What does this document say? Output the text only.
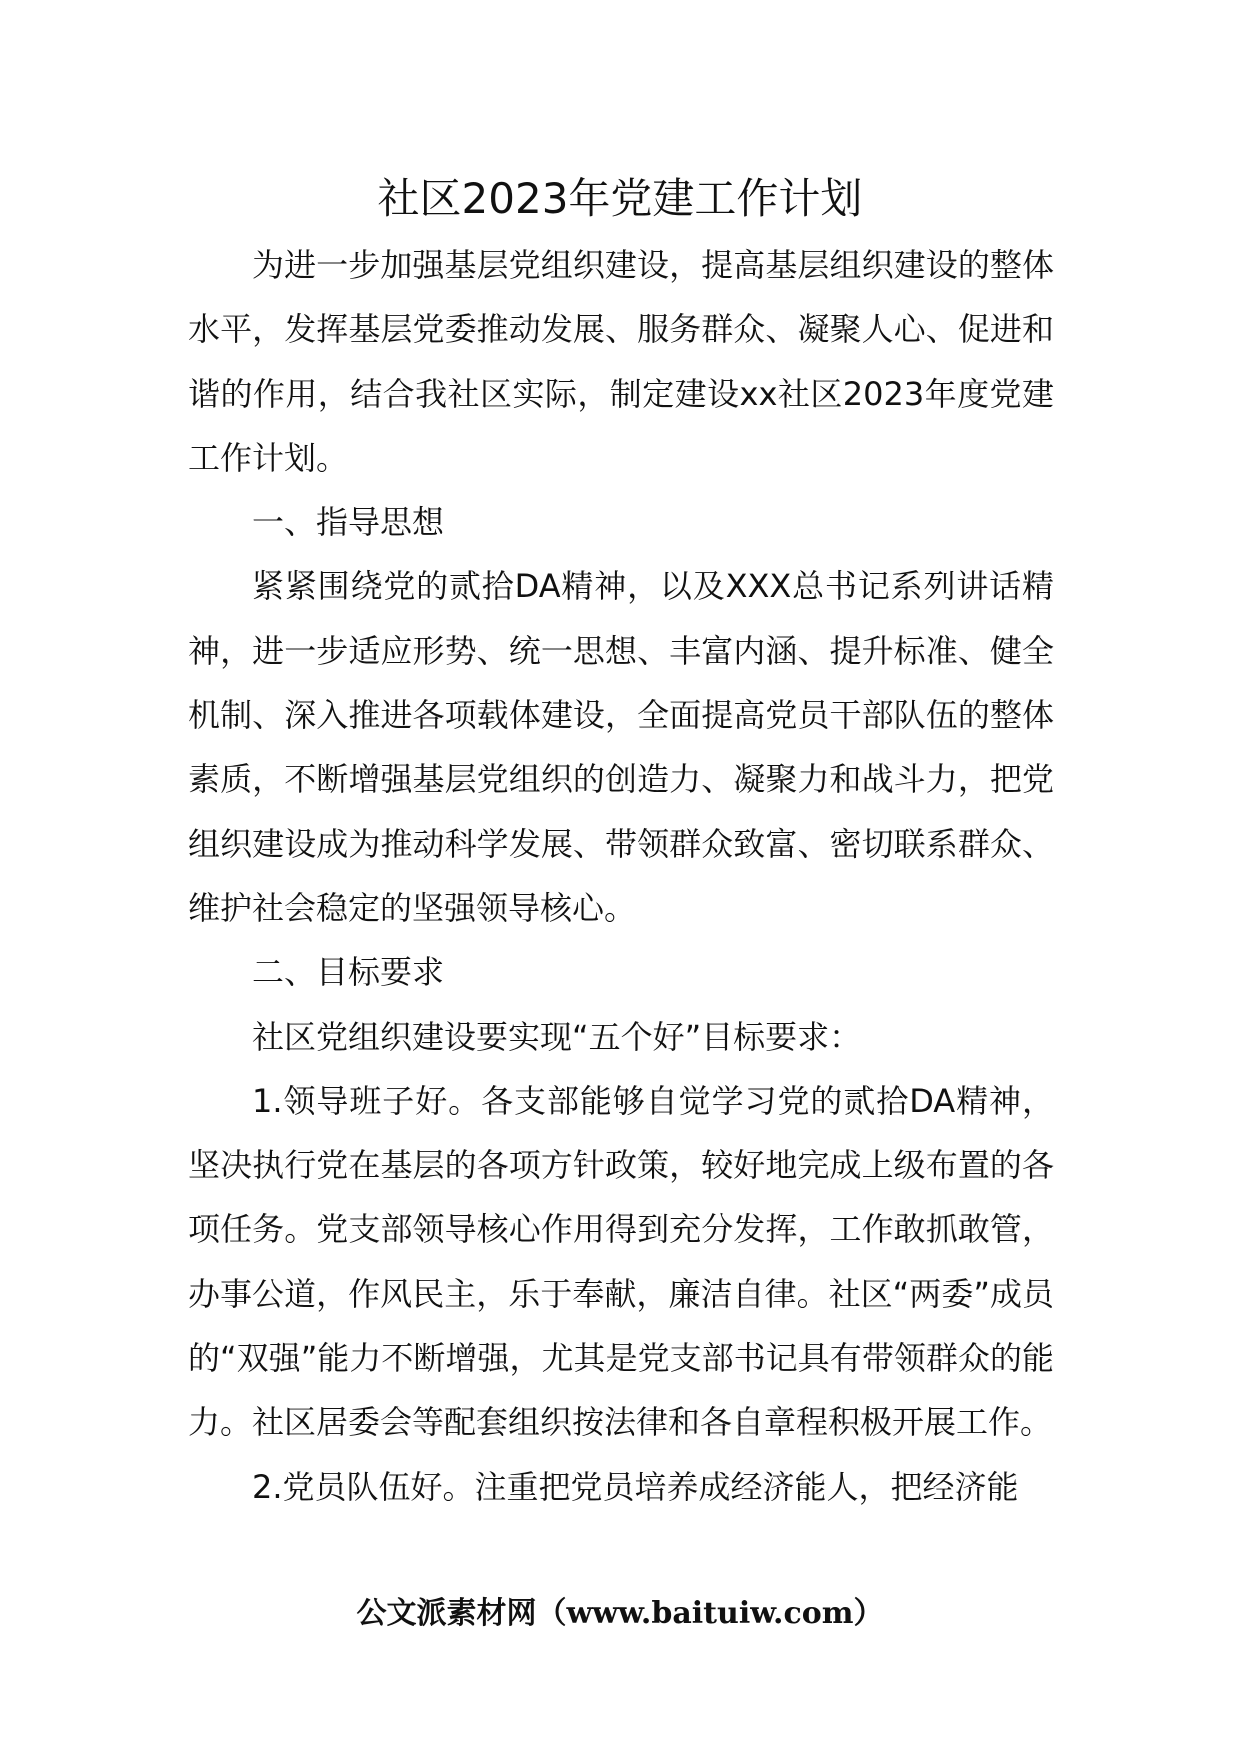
社区2023年党建工作计划

为进一步加强基层党组织建设，提高基层组织建设的整体水平，发挥基层党委推动发展、服务群众、凝聚人心、促进和谐的作用，结合我社区实际，制定建设xx社区2023年度党建工作计划。

一、指导思想

紧紧围绕党的贰拾DA精神，以及XXX总书记系列讲话精神，进一步适应形势、统一思想、丰富内涵、提升标准、健全机制、深入推进各项载体建设，全面提高党员干部队伍的整体素质，不断增强基层党组织的创造力、凝聚力和战斗力，把党组织建设成为推动科学发展、带领群众致富、密切联系群众、维护社会稳定的坚强领导核心。

二、目标要求

社区党组织建设要实现“五个好”目标要求：

1.领导班子好。各支部能够自觉学习党的贰拾DA精神，坚决执行党在基层的各项方针政策，较好地完成上级布置的各项任务。党支部领导核心作用得到充分发挥，工作敢抓敢管，办事公道，作风民主，乐于奉献，廉洁自律。社区“两委”成员的“双强”能力不断增强，尤其是党支部书记具有带领群众的能力。社区居委会等配套组织按法律和各自章程积极开展工作。

2.党员队伍好。注重把党员培养成经济能人，把经济能

公文派素材网（www.baituiw.com）
